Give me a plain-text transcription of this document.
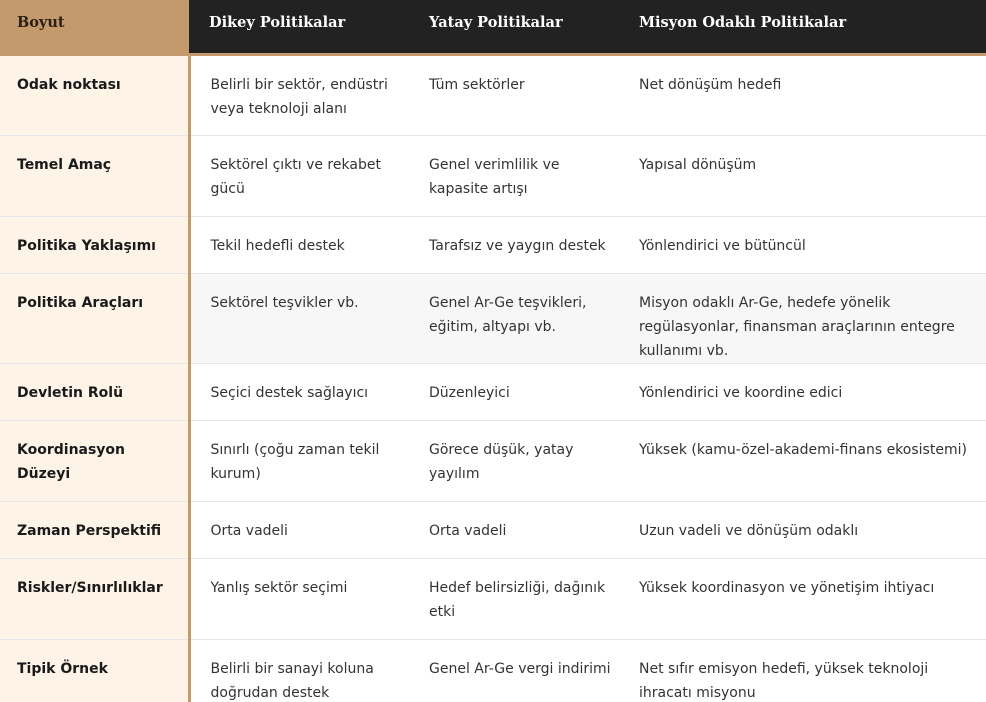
Boyut	Dikey Politikalar	Yatay Politikalar	Misyon Odaklı Politikalar
Odak noktası	Belirli bir sektör, endüstri veya teknoloji alanı	Tüm sektörler	Net dönüşüm hedefi
Temel Amaç	Sektörel çıktı ve rekabet gücü	Genel verimlilik ve kapasite artışı	Yapısal dönüşüm
Politika Yaklaşımı	Tekil hedefli destek	Tarafsız ve yaygın destek	Yönlendirici ve bütüncül
Politika Araçları	Sektörel teşvikler vb.	Genel Ar-Ge teşvikleri, eğitim, altyapı vb.	Misyon odaklı Ar-Ge, hedefe yönelik regülasyonlar, finansman araçlarının entegre kullanımı vb.
Devletin Rolü	Seçici destek sağlayıcı	Düzenleyici	Yönlendirici ve koordine edici
Koordinasyon Düzeyi	Sınırlı (çoğu zaman tekil kurum)	Görece düşük, yatay yayılım	Yüksek (kamu-özel-akademi-finans ekosistemi)
Zaman Perspektifi	Orta vadeli	Orta vadeli	Uzun vadeli ve dönüşüm odaklı
Riskler/Sınırlılıklar	Yanlış sektör seçimi	Hedef belirsizliği, dağınık etki	Yüksek koordinasyon ve yönetişim ihtiyacı
Tipik Örnek	Belirli bir sanayi koluna doğrudan destek	Genel Ar-Ge vergi indirimi	Net sıfır emisyon hedefi, yüksek teknoloji ihracatı misyonu
